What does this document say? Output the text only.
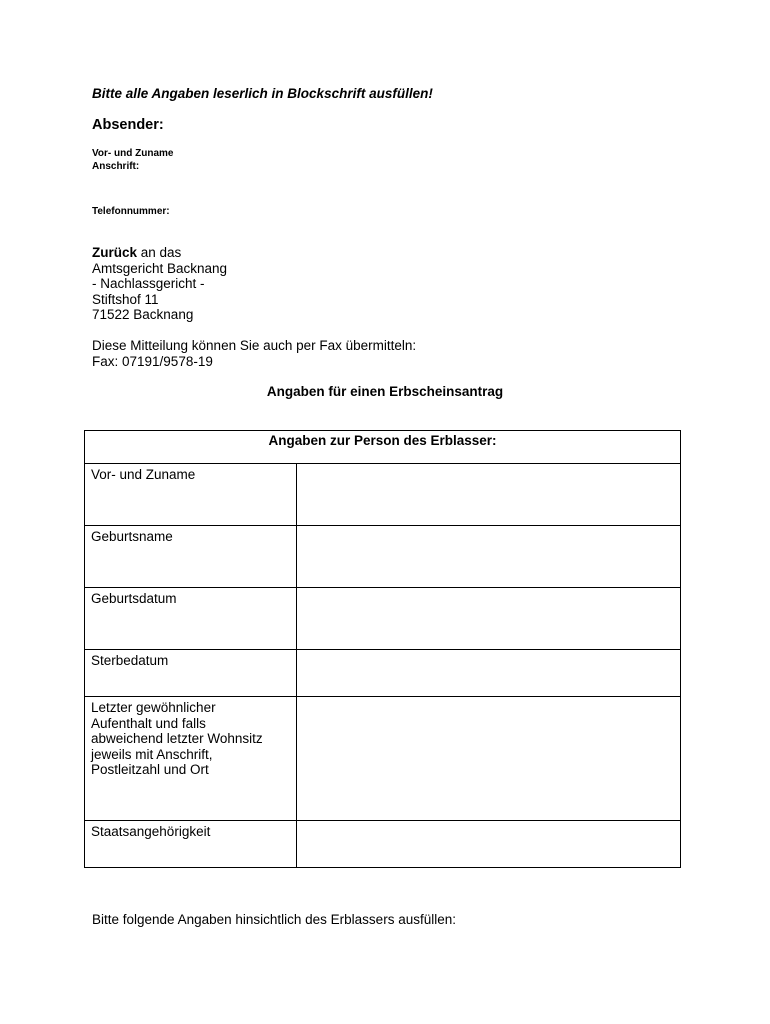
Bitte alle Angaben leserlich in Blockschrift ausfüllen!
Absender:
Vor- und Zuname
Anschrift:
Telefonnummer:
Zurück an das
Amtsgericht Backnang
- Nachlassgericht -
Stiftshof 11
71522 Backnang
Diese Mitteilung können Sie auch per Fax übermitteln:
Fax: 07191/9578-19
Angaben für einen Erbscheinsantrag
Angaben zur Person des Erblasser:	
Vor- und Zuname	
Geburtsname	
Geburtsdatum	
Sterbedatum	

Letzter gewöhnlicher
Aufenthalt und falls
abweichend letzter Wohnsitz
jeweils mit Anschrift,
Postleitzahl und Ort	

Staatsangehörigkeit	
Bitte folgende Angaben hinsichtlich des Erblassers ausfüllen:
